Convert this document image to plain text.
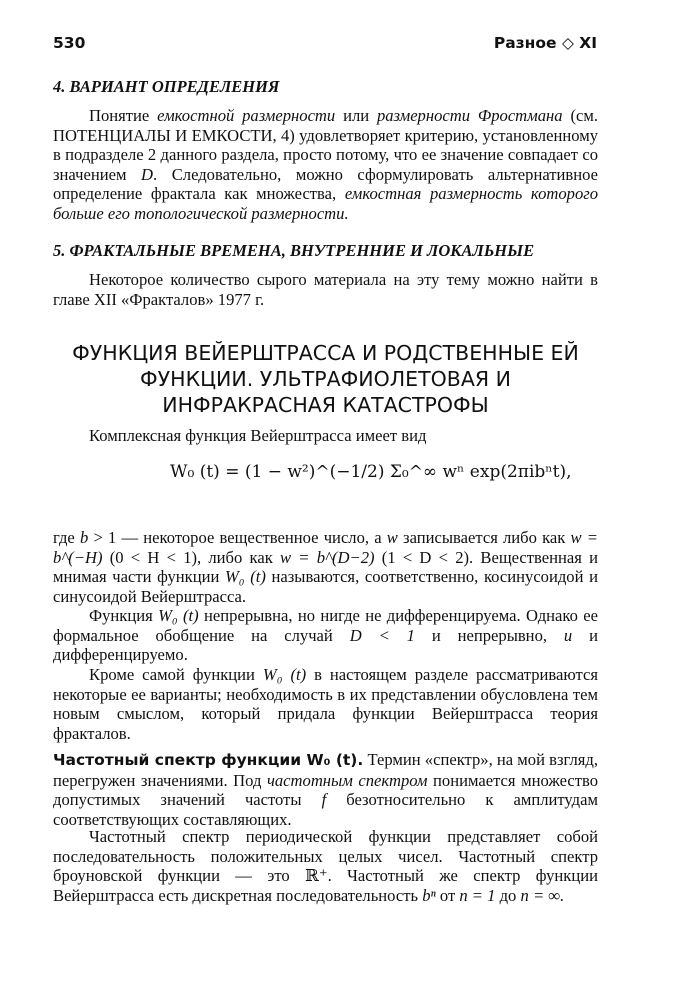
530	Разное ◇ XI
4. ВАРИАНТ ОПРЕДЕЛЕНИЯ

Понятие емкостной размерности или размерности Фростмана (см. ПОТЕНЦИАЛЫ И ЕМКОСТИ, 4) удовлетворяет критерию, установленному в подразделе 2 данного раздела, просто потому, что ее значение совпадает со значением D. Следовательно, можно сформулировать альтернативное определение фрактала как множества, емкостная размерность которого больше его топологической размерности.

5. ФРАКТАЛЬНЫЕ ВРЕМЕНА, ВНУТРЕННИЕ И ЛОКАЛЬНЫЕ

Некоторое количество сырого материала на эту тему можно найти в главе XII «Фракталов» 1977 г.

ФУНКЦИЯ ВЕЙЕРШТРАССА И РОДСТВЕННЫЕ ЕЙ ФУНКЦИИ. УЛЬТРАФИОЛЕТОВАЯ И ИНФРАКРАСНАЯ КАТАСТРОФЫ

Комплексная функция Вейерштрасса имеет вид

W₀ (t) = (1 − w²)^(−1/2) Σ₀^∞ wⁿ exp(2πibⁿt),

где b > 1 — некоторое вещественное число, а w записывается либо как w = b^(−H) (0 < H < 1), либо как w = b^(D−2) (1 < D < 2). Вещественная и мнимая части функции W₀ (t) называются, соответственно, косинусоидой и синусоидой Вейерштрасса.

Функция W₀ (t) непрерывна, но нигде не дифференцируема. Однако ее формальное обобщение на случай D < 1 и непрерывно, и и дифференцируемо.

Кроме самой функции W₀ (t) в настоящем разделе рассматриваются некоторые ее варианты; необходимость в их представлении обусловлена тем новым смыслом, который придала функции Вейерштрасса теория фракталов.

Частотный спектр функции W₀ (t). Термин «спектр», на мой взгляд, перегружен значениями. Под частотным спектром понимается множество допустимых значений частоты f безотносительно к амплитудам соответствующих составляющих.

Частотный спектр периодической функции представляет собой последовательность положительных целых чисел. Частотный спектр броуновской функции — это ℝ⁺. Частотный же спектр функции Вейерштрасса есть дискретная последовательность bⁿ от n = 1 до n = ∞.
